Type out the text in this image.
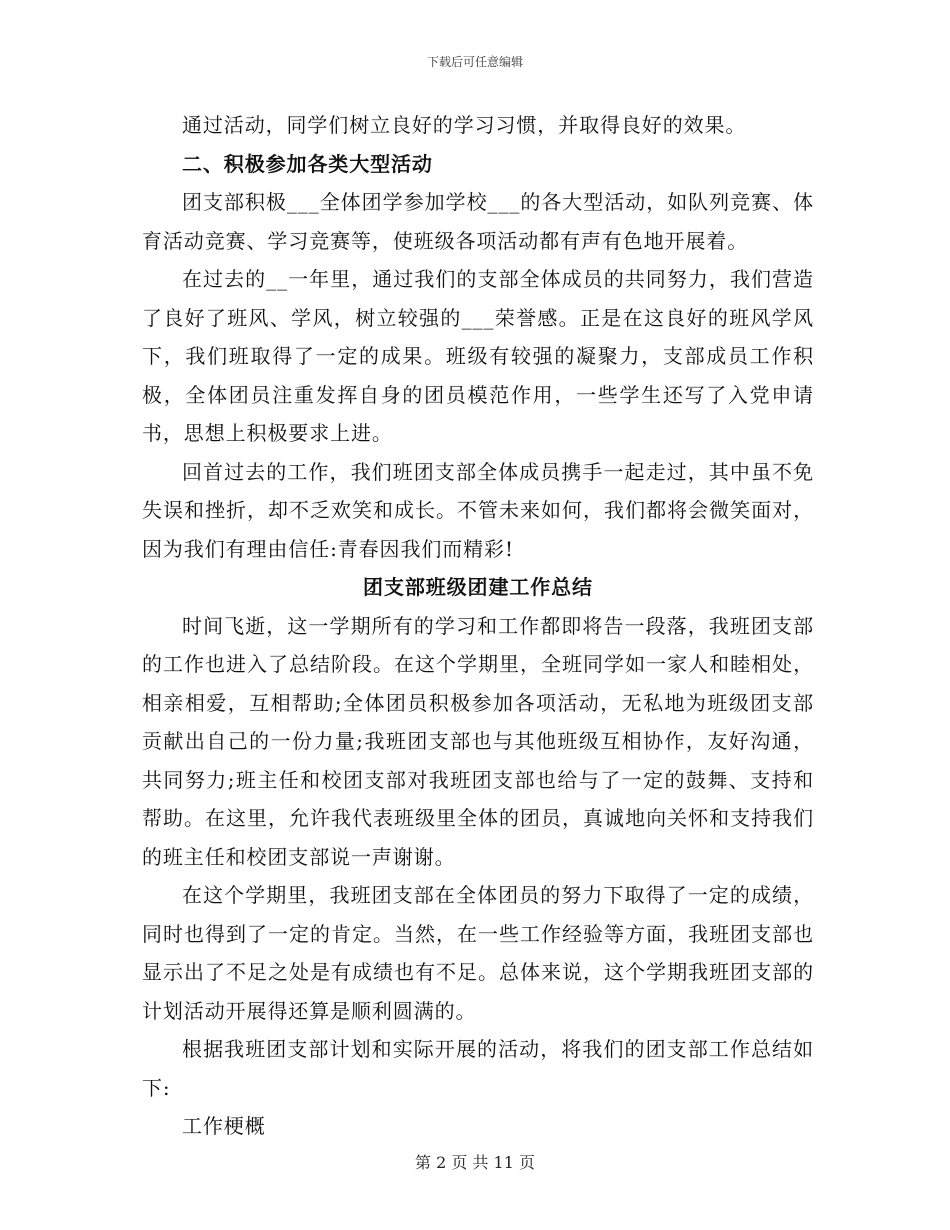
下载后可任意编辑

通过活动，同学们树立良好的学习习惯，并取得良好的效果。

二、积极参加各类大型活动

团支部积极___全体团学参加学校___的各大型活动，如队列竞赛、体育活动竞赛、学习竞赛等，使班级各项活动都有声有色地开展着。

在过去的__一年里，通过我们的支部全体成员的共同努力，我们营造了良好了班风、学风，树立较强的___荣誉感。正是在这良好的班风学风下，我们班取得了一定的成果。班级有较强的凝聚力，支部成员工作积极，全体团员注重发挥自身的团员模范作用，一些学生还写了入党申请书，思想上积极要求上进。

回首过去的工作，我们班团支部全体成员携手一起走过，其中虽不免失误和挫折，却不乏欢笑和成长。不管未来如何，我们都将会微笑面对，因为我们有理由信任:青春因我们而精彩!

团支部班级团建工作总结

时间飞逝，这一学期所有的学习和工作都即将告一段落，我班团支部的工作也进入了总结阶段。在这个学期里，全班同学如一家人和睦相处，相亲相爱，互相帮助;全体团员积极参加各项活动，无私地为班级团支部贡献出自己的一份力量;我班团支部也与其他班级互相协作，友好沟通，共同努力;班主任和校团支部对我班团支部也给与了一定的鼓舞、支持和帮助。在这里，允许我代表班级里全体的团员，真诚地向关怀和支持我们的班主任和校团支部说一声谢谢。

在这个学期里，我班团支部在全体团员的努力下取得了一定的成绩，同时也得到了一定的肯定。当然，在一些工作经验等方面，我班团支部也显示出了不足之处是有成绩也有不足。总体来说，这个学期我班团支部的计划活动开展得还算是顺利圆满的。

根据我班团支部计划和实际开展的活动，将我们的团支部工作总结如下:

工作梗概

第 2 页 共 11 页
